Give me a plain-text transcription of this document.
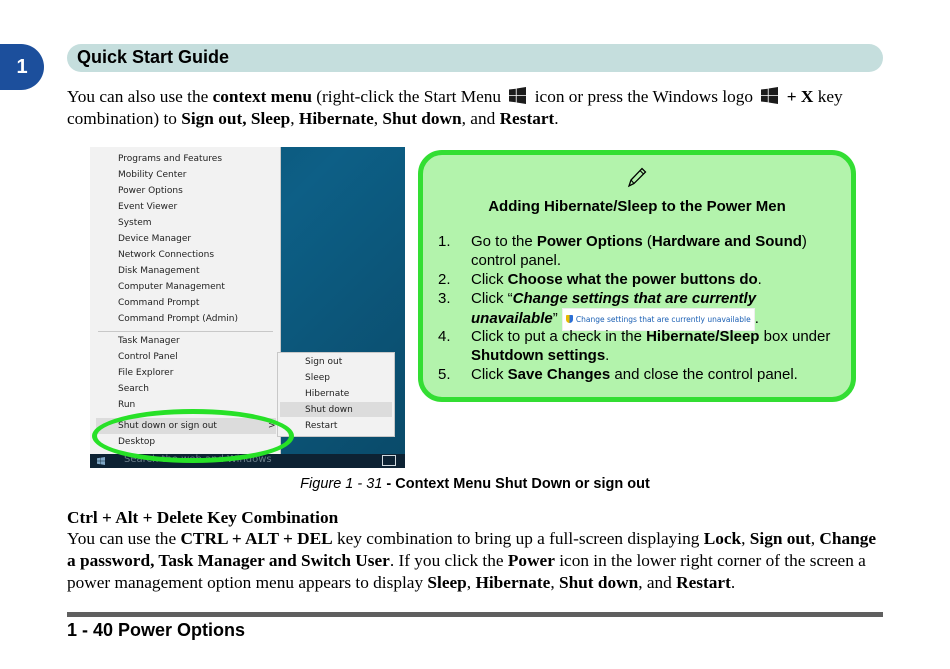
1	Quick Start Guide
You can also use the context menu (right-click the Start Menu icon or press the Windows logo + X key combination) to Sign out, Sleep, Hibernate, Shut down, and Restart.
Programs and Features
Mobility Center
Power Options
Event Viewer
System
Device Manager
Network Connections
Disk Management
Computer Management
Command Prompt
Command Prompt (Admin)
Task Manager
Control Panel
File Explorer
Search
Run
Shut down or sign out	>
Desktop
Sign out
Sleep
Hibernate
Shut down
Restart
Search the web and Windows
Adding Hibernate/Sleep to the Power Men
1. Go to the Power Options (Hardware and Sound) control panel.
2. Click Choose what the power buttons do.
3. Click “Change settings that are currently unavailable” Change settings that are currently unavailable .
4. Click to put a check in the Hibernate/Sleep box under Shutdown settings.
5. Click Save Changes and close the control panel.
Figure 1 - 31 - Context Menu Shut Down or sign out
Ctrl + Alt + Delete Key Combination
You can use the CTRL + ALT + DEL key combination to bring up a full-screen displaying Lock, Sign out, Change a password, Task Manager and Switch User. If you click the Power icon in the lower right corner of the screen a power management option menu appears to display Sleep, Hibernate, Shut down, and Restart.
1 - 40 Power Options
